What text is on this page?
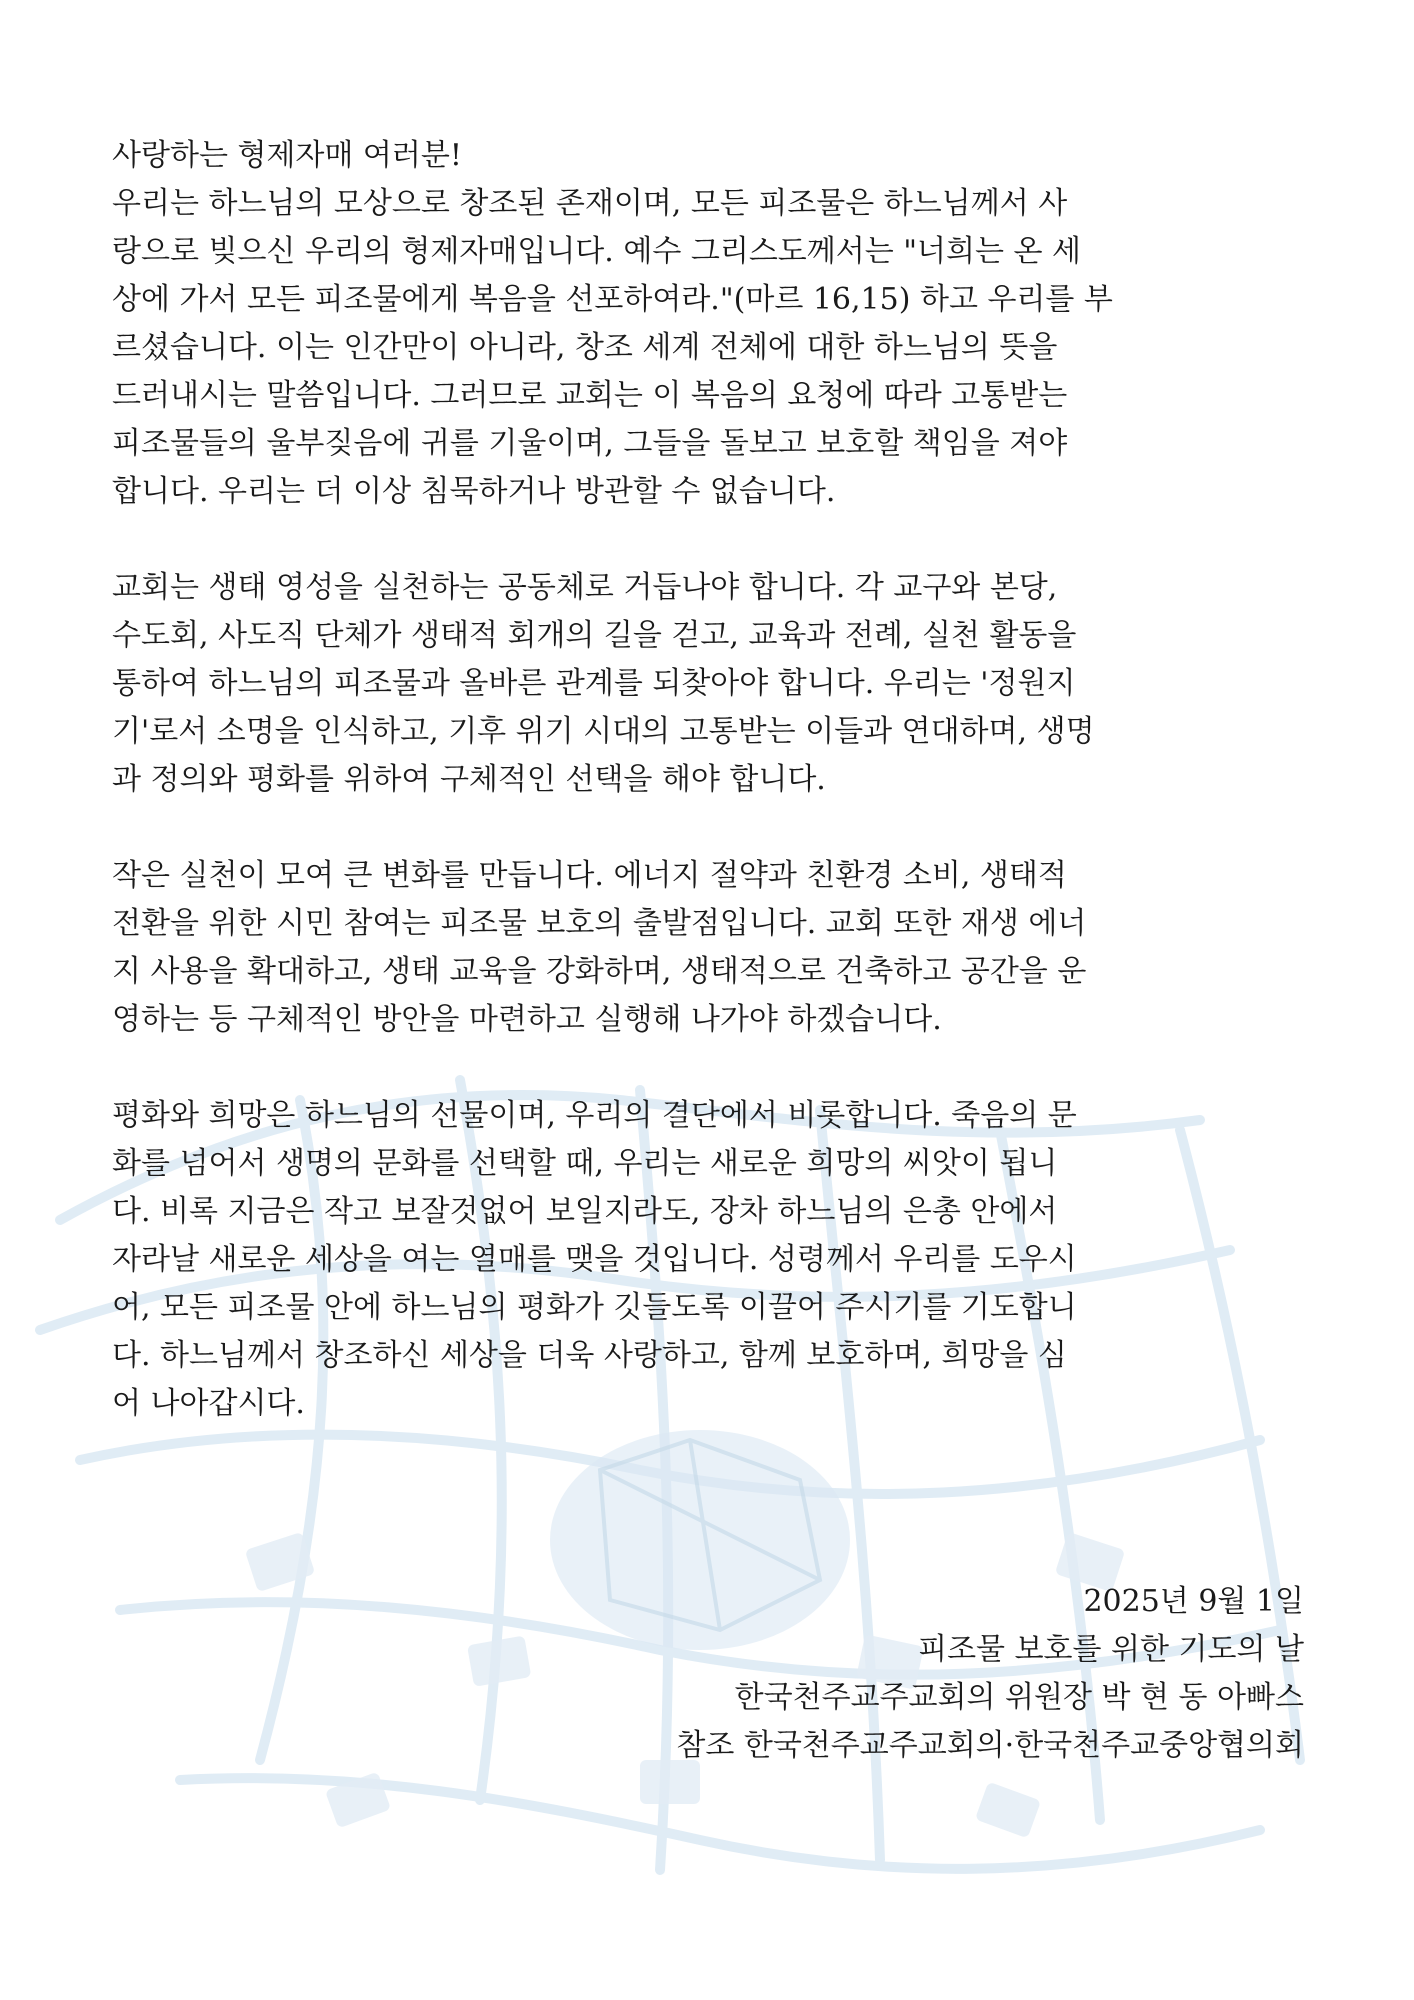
사랑하는 형제자매 여러분!

우리는 하느님의 모상으로 창조된 존재이며, 모든 피조물은 하느님께서 사
랑으로 빚으신 우리의 형제자매입니다. 예수 그리스도께서는 "너희는 온 세
상에 가서 모든 피조물에게 복음을 선포하여라."(마르 16,15) 하고 우리를 부
르셨습니다. 이는 인간만이 아니라, 창조 세계 전체에 대한 하느님의 뜻을
드러내시는 말씀입니다. 그러므로 교회는 이 복음의 요청에 따라 고통받는
피조물들의 울부짖음에 귀를 기울이며, 그들을 돌보고 보호할 책임을 져야
합니다. 우리는 더 이상 침묵하거나 방관할 수 없습니다.

교회는 생태 영성을 실천하는 공동체로 거듭나야 합니다. 각 교구와 본당,
수도회, 사도직 단체가 생태적 회개의 길을 걷고, 교육과 전례, 실천 활동을
통하여 하느님의 피조물과 올바른 관계를 되찾아야 합니다. 우리는 '정원지
기'로서 소명을 인식하고, 기후 위기 시대의 고통받는 이들과 연대하며, 생명
과 정의와 평화를 위하여 구체적인 선택을 해야 합니다.

작은 실천이 모여 큰 변화를 만듭니다. 에너지 절약과 친환경 소비, 생태적
전환을 위한 시민 참여는 피조물 보호의 출발점입니다. 교회 또한 재생 에너
지 사용을 확대하고, 생태 교육을 강화하며, 생태적으로 건축하고 공간을 운
영하는 등 구체적인 방안을 마련하고 실행해 나가야 하겠습니다.

평화와 희망은 하느님의 선물이며, 우리의 결단에서 비롯합니다. 죽음의 문
화를 넘어서 생명의 문화를 선택할 때, 우리는 새로운 희망의 씨앗이 됩니
다. 비록 지금은 작고 보잘것없어 보일지라도, 장차 하느님의 은총 안에서
자라날 새로운 세상을 여는 열매를 맺을 것입니다. 성령께서 우리를 도우시
어, 모든 피조물 안에 하느님의 평화가 깃들도록 이끌어 주시기를 기도합니
다. 하느님께서 창조하신 세상을 더욱 사랑하고, 함께 보호하며, 희망을 심
어 나아갑시다.

2025년 9월 1일
피조물 보호를 위한 기도의 날
한국천주교주교회의 위원장 박 현 동 아빠스
참조 한국천주교주교회의·한국천주교중앙협의회
